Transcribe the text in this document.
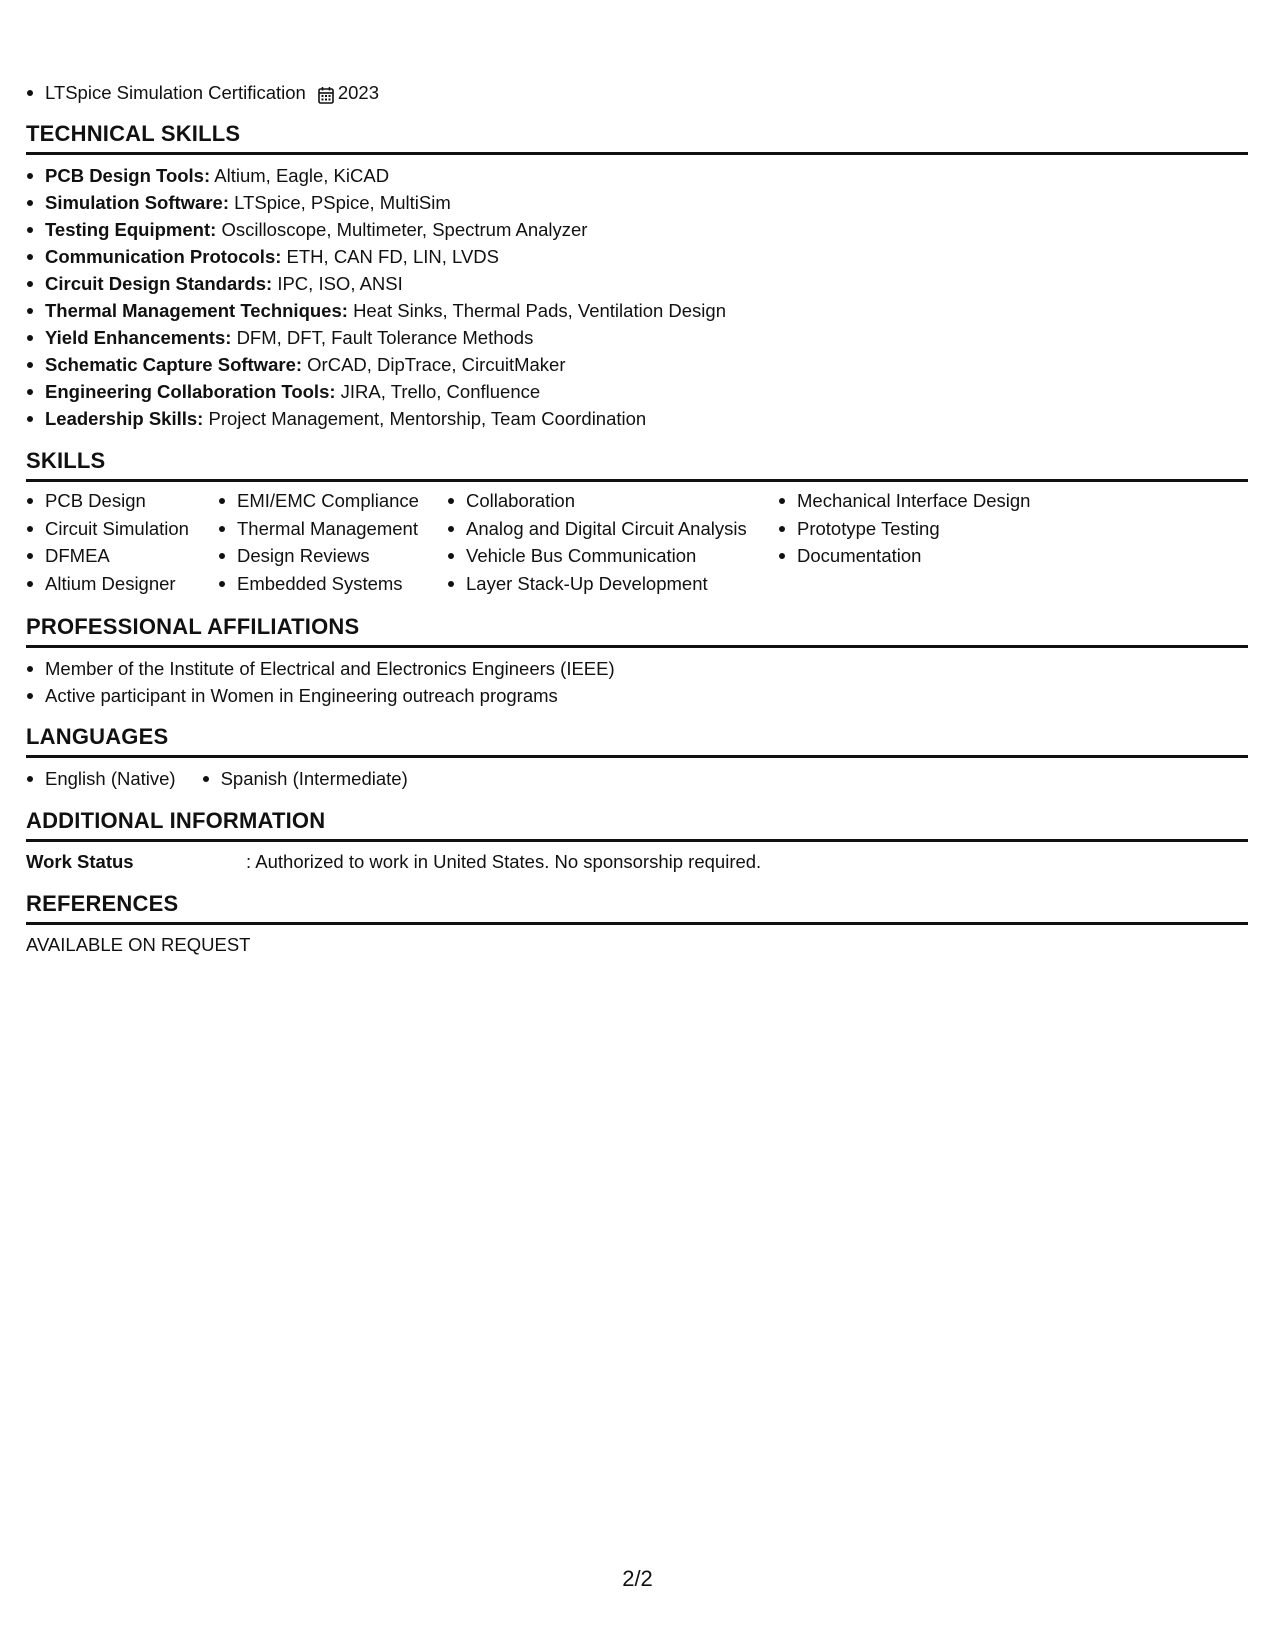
LTSpice Simulation Certification 2023
TECHNICAL SKILLS
PCB Design Tools: Altium, Eagle, KiCAD
Simulation Software: LTSpice, PSpice, MultiSim
Testing Equipment: Oscilloscope, Multimeter, Spectrum Analyzer
Communication Protocols: ETH, CAN FD, LIN, LVDS
Circuit Design Standards: IPC, ISO, ANSI
Thermal Management Techniques: Heat Sinks, Thermal Pads, Ventilation Design
Yield Enhancements: DFM, DFT, Fault Tolerance Methods
Schematic Capture Software: OrCAD, DipTrace, CircuitMaker
Engineering Collaboration Tools: JIRA, Trello, Confluence
Leadership Skills: Project Management, Mentorship, Team Coordination
SKILLS
PCB Design
Circuit Simulation
DFMEA
Altium Designer
EMI/EMC Compliance
Thermal Management
Design Reviews
Embedded Systems
Collaboration
Analog and Digital Circuit Analysis
Vehicle Bus Communication
Layer Stack-Up Development
Mechanical Interface Design
Prototype Testing
Documentation
PROFESSIONAL AFFILIATIONS
Member of the Institute of Electrical and Electronics Engineers (IEEE)
Active participant in Women in Engineering outreach programs
LANGUAGES
English (Native)	Spanish (Intermediate)
ADDITIONAL INFORMATION
Work Status	: Authorized to work in United States. No sponsorship required.
REFERENCES
AVAILABLE ON REQUEST
2/2
